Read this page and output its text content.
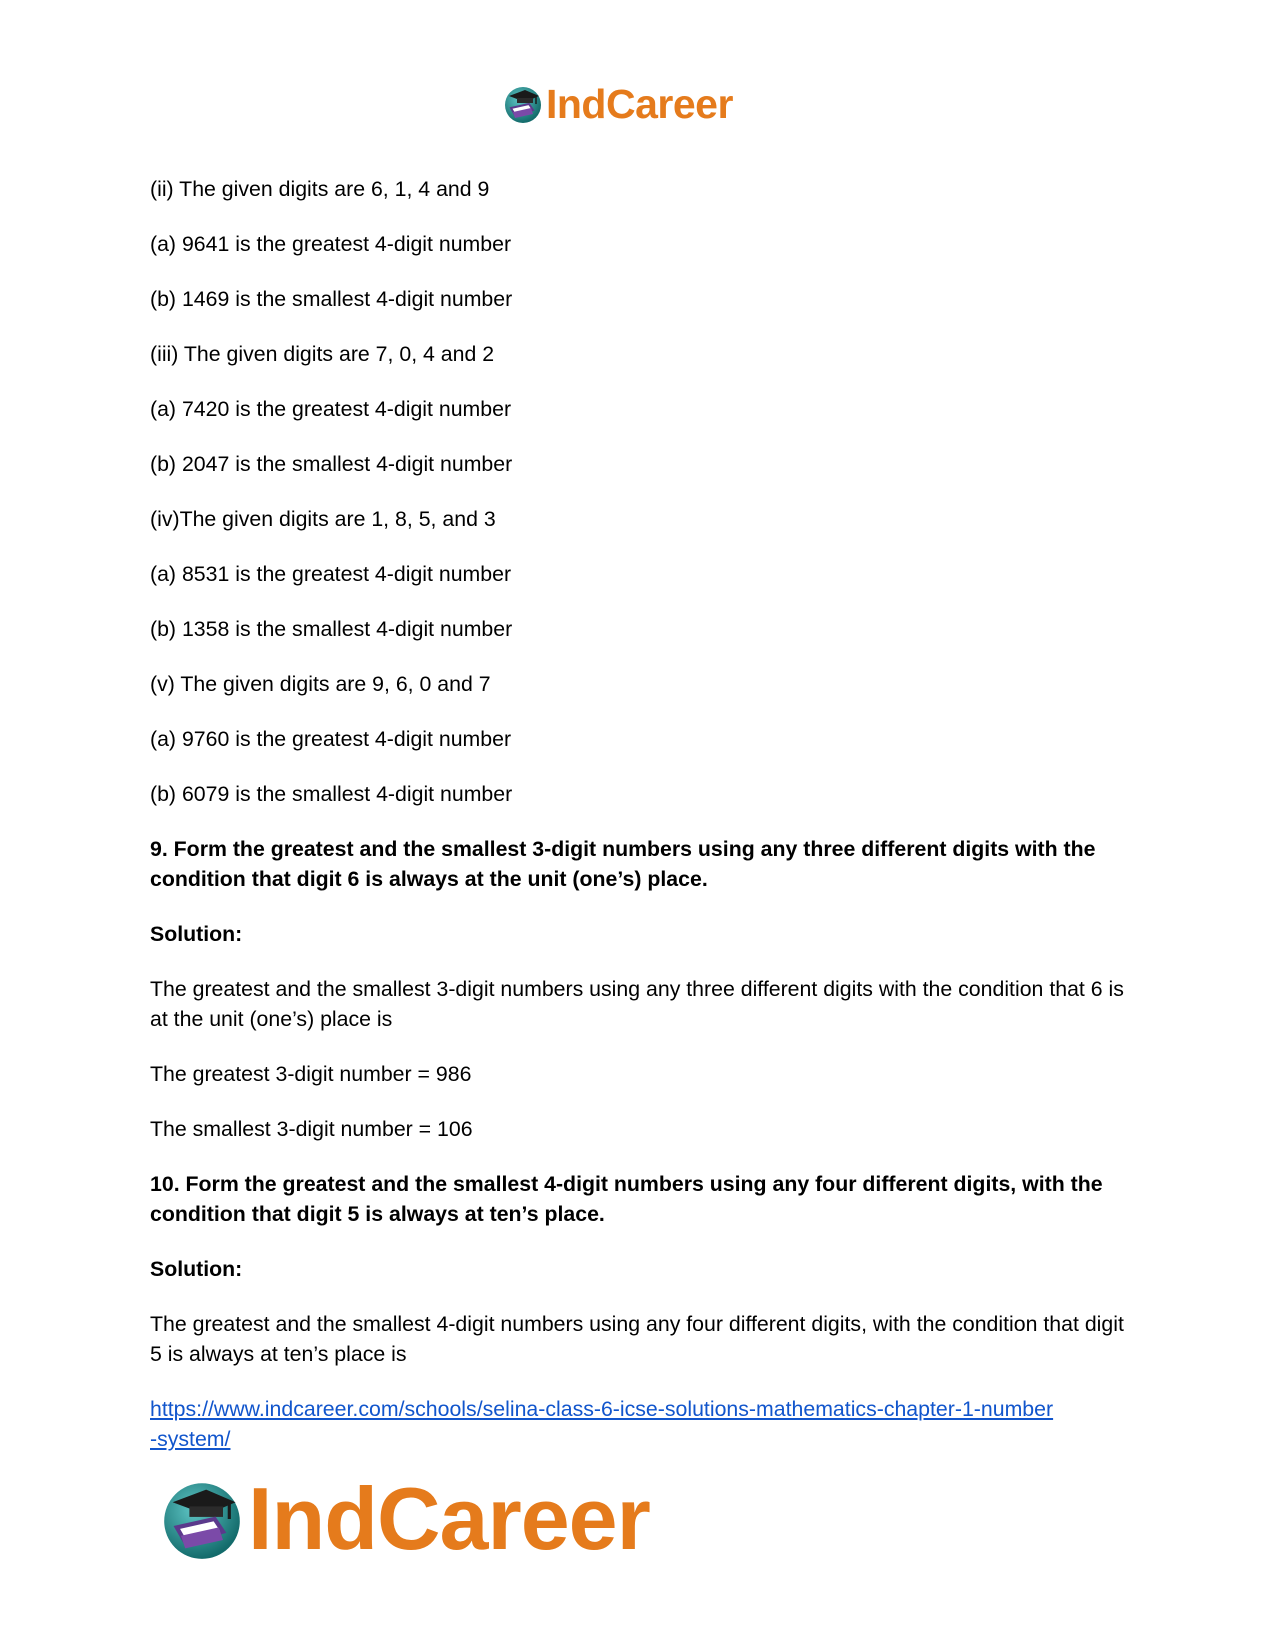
IndCareer

(ii) The given digits are 6, 1, 4 and 9

(a) 9641 is the greatest 4-digit number

(b) 1469 is the smallest 4-digit number

(iii) The given digits are 7, 0, 4 and 2

(a) 7420 is the greatest 4-digit number

(b) 2047 is the smallest 4-digit number

(iv)The given digits are 1, 8, 5, and 3

(a) 8531 is the greatest 4-digit number

(b) 1358 is the smallest 4-digit number

(v) The given digits are 9, 6, 0 and 7

(a) 9760 is the greatest 4-digit number

(b) 6079 is the smallest 4-digit number

9. Form the greatest and the smallest 3-digit numbers using any three different digits with the condition that digit 6 is always at the unit (one’s) place.

Solution:

The greatest and the smallest 3-digit numbers using any three different digits with the condition that 6 is at the unit (one’s) place is

The greatest 3-digit number = 986

The smallest 3-digit number = 106

10. Form the greatest and the smallest 4-digit numbers using any four different digits, with the condition that digit 5 is always at ten’s place.

Solution:

The greatest and the smallest 4-digit numbers using any four different digits, with the condition that digit 5 is always at ten’s place is

https://www.indcareer.com/schools/selina-class-6-icse-solutions-mathematics-chapter-1-number
-system/

IndCareer
